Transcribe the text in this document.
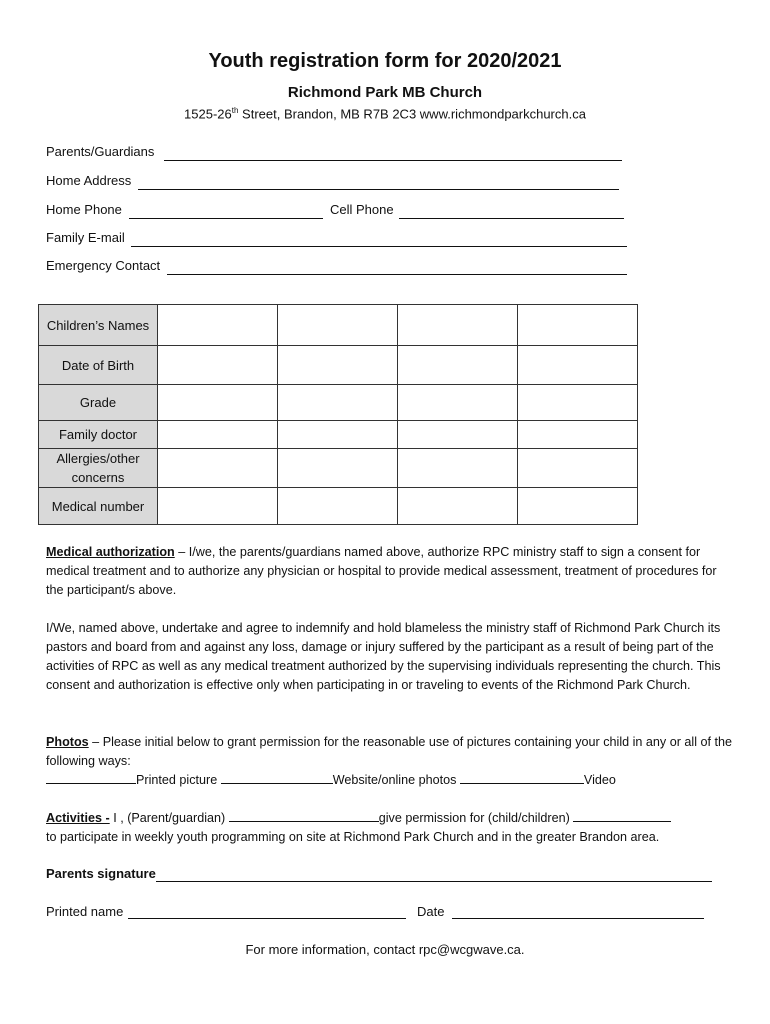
Youth registration form for 2020/2021
Richmond Park MB Church
1525-26th Street, Brandon, MB R7B 2C3 www.richmondparkchurch.ca
Parents/Guardians
Home Address
Home Phone	Cell Phone
Family E-mail
Emergency Contact
Children’s Names				
Date of Birth				
Grade				
Family doctor				
Allergies/other concerns				
Medical number				
Medical authorization – I/we, the parents/guardians named above, authorize RPC ministry staff to sign a consent for medical treatment and to authorize any physician or hospital to provide medical assessment, treatment of procedures for the participant/s above.
I/We, named above, undertake and agree to indemnify and hold blameless the ministry staff of Richmond Park Church its pastors and board from and against any loss, damage or injury suffered by the participant as a result of being part of the activities of RPC as well as any medical treatment authorized by the supervising individuals representing the church. This consent and authorization is effective only when participating in or traveling to events of the Richmond Park Church.
Photos – Please initial below to grant permission for the reasonable use of pictures containing your child in any or all of the following ways:
Printed picture	Website/online photos	Video
Activities - I , (Parent/guardian)	give permission for (child/children)
to participate in weekly youth programming on site at Richmond Park Church and in the greater Brandon area.
Parents signature
Printed name	Date
For more information, contact rpc@wcgwave.ca.
